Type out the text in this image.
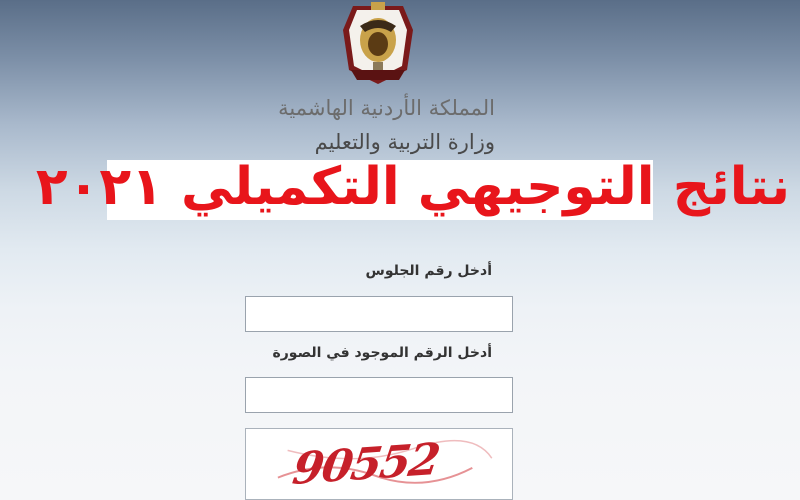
المملكة الأردنية الهاشمية
وزارة التربية والتعليم
نتائج التوجيهي التكميلي ٢٠٢١
أدخل رقم الجلوس
أدخل الرقم الموجود في الصورة
90552
